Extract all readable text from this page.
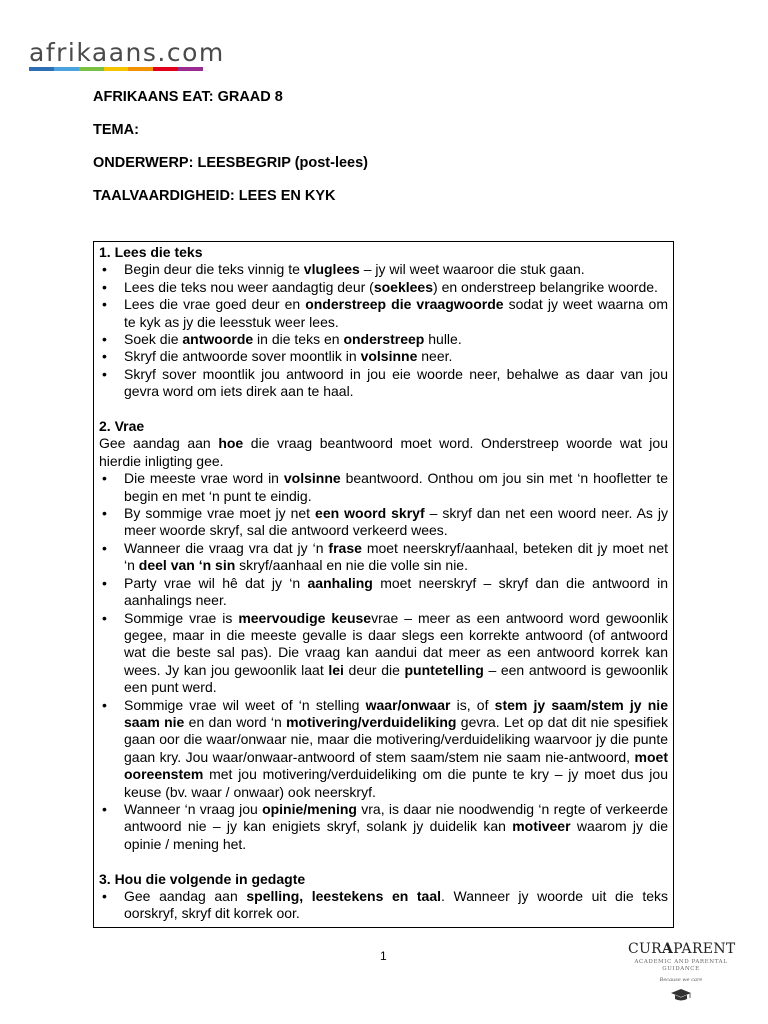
afrikaans.com
AFRIKAANS EAT: GRAAD 8
TEMA:
ONDERWERP: LEESBEGRIP (post-lees)
TAALVAARDIGHEID: LEES EN KYK
1. Lees die teks
• Begin deur die teks vinnig te vluglees – jy wil weet waaroor die stuk gaan.
• Lees die teks nou weer aandagtig deur (soeklees) en onderstreep belangrike woorde.
• Lees die vrae goed deur en onderstreep die vraagwoorde sodat jy weet waarna om te kyk as jy die leesstuk weer lees.
• Soek die antwoorde in die teks en onderstreep hulle.
• Skryf die antwoorde sover moontlik in volsinne neer.
• Skryf sover moontlik jou antwoord in jou eie woorde neer, behalwe as daar van jou gevra word om iets direk aan te haal.
2. Vrae

Gee aandag aan hoe die vraag beantwoord moet word. Onderstreep woorde wat jou hierdie inligting gee.

• Die meeste vrae word in volsinne beantwoord. Onthou om jou sin met ‘n hoofletter te begin en met ‘n punt te eindig.
• By sommige vrae moet jy net een woord skryf – skryf dan net een woord neer. As jy meer woorde skryf, sal die antwoord verkeerd wees.
• Wanneer die vraag vra dat jy ‘n frase moet neerskryf/aanhaal, beteken dit jy moet net ‘n deel van ‘n sin skryf/aanhaal en nie die volle sin nie.
• Party vrae wil hê dat jy ‘n aanhaling moet neerskryf – skryf dan die antwoord in aanhalings neer.
• Sommige vrae is meervoudige keusevrae – meer as een antwoord word gewoonlik gegee, maar in die meeste gevalle is daar slegs een korrekte antwoord (of antwoord wat die beste sal pas). Die vraag kan aandui dat meer as een antwoord korrek kan wees. Jy kan jou gewoonlik laat lei deur die puntetelling – een antwoord is gewoonlik een punt werd.
• Sommige vrae wil weet of ‘n stelling waar/onwaar is, of stem jy saam/stem jy nie saam nie en dan word ‘n motivering/verduideliking gevra. Let op dat dit nie spesifiek gaan oor die waar/onwaar nie, maar die motivering/verduideliking waarvoor jy die punte gaan kry. Jou waar/onwaar-antwoord of stem saam/stem nie saam nie-antwoord, moet ooreenstem met jou motivering/verduideliking om die punte te kry – jy moet dus jou keuse (bv. waar / onwaar) ook neerskryf.
• Wanneer ‘n vraag jou opinie/mening vra, is daar nie noodwendig ‘n regte of verkeerde antwoord nie – jy kan enigiets skryf, solank jy duidelik kan motiveer waarom jy die opinie / mening het.
3. Hou die volgende in gedagte
• Gee aandag aan spelling, leestekens en taal. Wanneer jy woorde uit die teks oorskryf, skryf dit korrek oor.
1	CURAPARENT
ACADEMIC AND PARENTAL
GUIDANCE
Because we care
